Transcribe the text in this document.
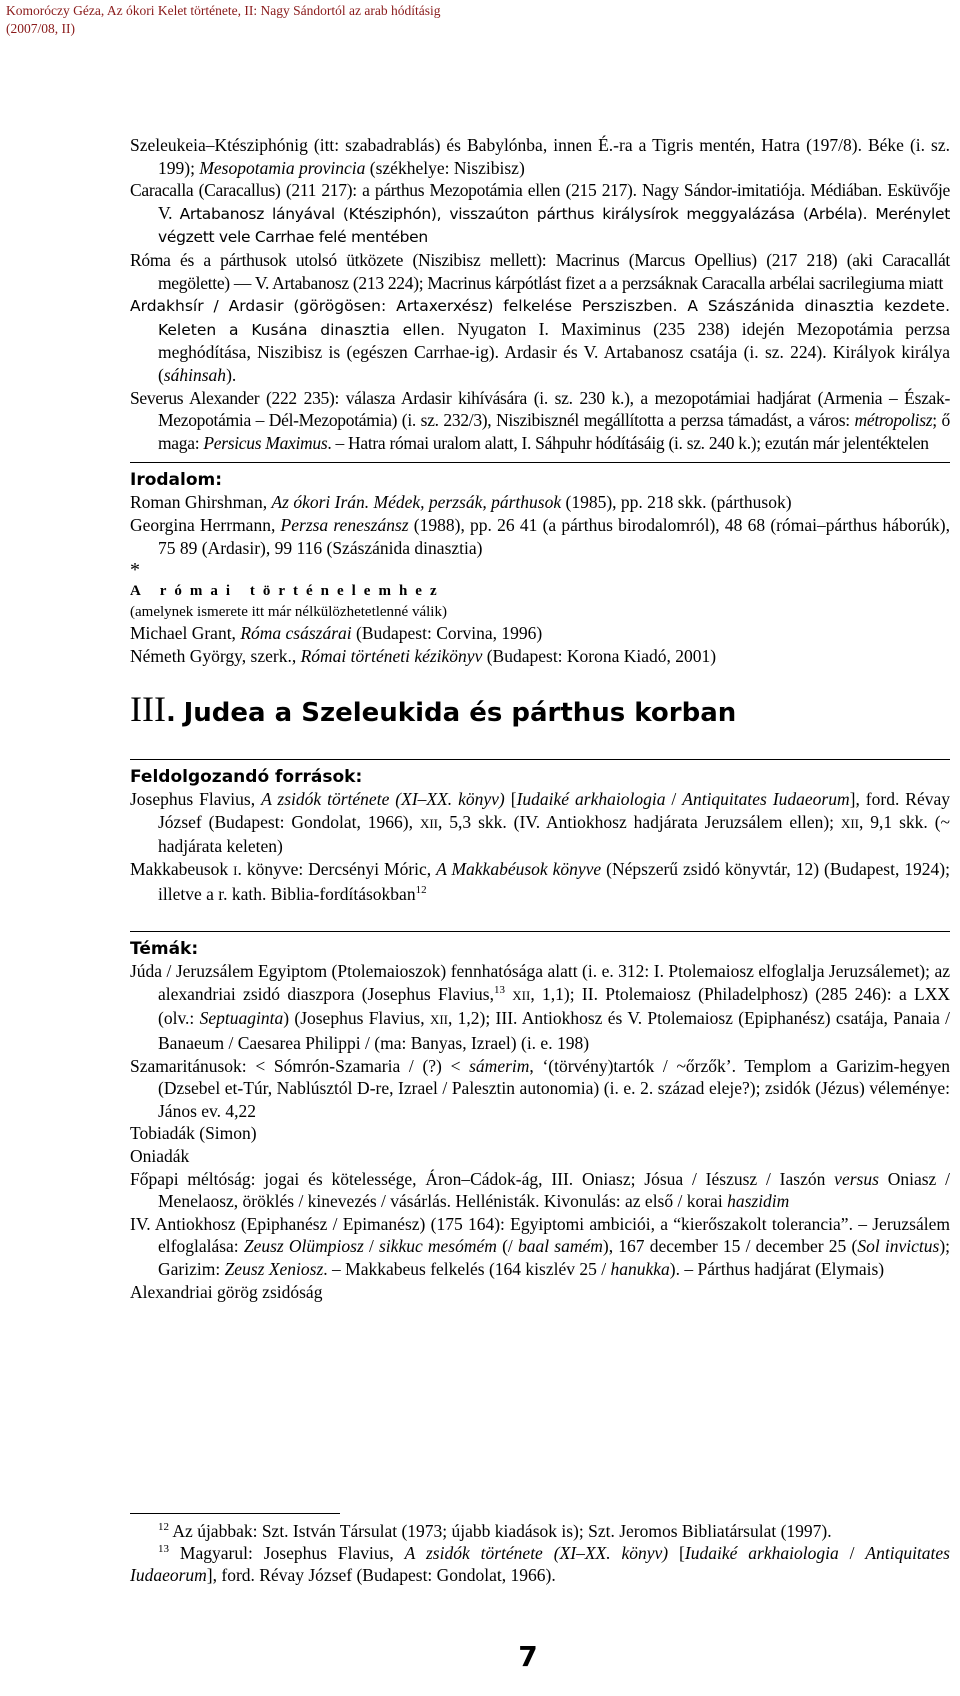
Komoróczy Géza, Az ókori Kelet története, II: Nagy Sándortól az arab hódításig
(2007/08, II)

Szeleukeia–Ktésziphónig (itt: szabadrablás) és Babylónba, innen É.-ra a Tigris mentén, Hatra (197/8). Béke (i. sz. 199); Mesopotamia provincia (székhelye: Niszibisz)

Caracalla (Caracallus) (211 217): a párthus Mezopotámia ellen (215 217). Nagy Sándor-imitatiója. Médiában. Esküvője V. Artabanosz lányával (Ktésziphón), visszaúton párthus királysírok meggyalázása (Arbéla). Merénylet végzett vele Carrhae felé mentében

Róma és a párthusok utolsó ütközete (Niszibisz mellett): Macrinus (Marcus Opellius) (217 218) (aki Caracallát megölette) — V. Artabanosz (213 224); Macrinus kárpótlást fizet a a perzsáknak Caracalla arbélai sacrilegiuma miatt

Ardakhsír / Ardasir (görögösen: Artaxerxész) felkelése Persziszben. A Szászánida dinasztia kezdete. Keleten a Kusána dinasztia ellen. Nyugaton I. Maximinus (235 238) idején Mezopotámia perzsa meghódítása, Niszibisz is (egészen Carrhae-ig). Ardasir és V. Artabanosz csatája (i. sz. 224). Királyok királya (sáhinsah).

Severus Alexander (222 235): válasza Ardasir kihívására (i. sz. 230 k.), a mezopotámiai hadjárat (Armenia – Észak-Mezopotámia – Dél-Mezopotámia) (i. sz. 232/3), Niszibisznél megállította a perzsa támadást, a város: métropolisz; ő maga: Persicus Maximus. – Hatra római uralom alatt, I. Sáhpuhr hódításáig (i. sz. 240 k.); ezután már jelentéktelen

Irodalom:

Roman Ghirshman, Az ókori Irán. Médek, perzsák, párthusok (1985), pp. 218 skk. (párthusok)

Georgina Herrmann, Perzsa reneszánsz (1988), pp. 26 41 (a párthus birodalomról), 48 68 (római–párthus háborúk), 75 89 (Ardasir), 99 116 (Szászánida dinasztia)

*
A római történelemhez
(amelynek ismerete itt már nélkülözhetetlenné válik)

Michael Grant, Róma császárai (Budapest: Corvina, 1996)

Németh György, szerk., Római történeti kézikönyv (Budapest: Korona Kiadó, 2001)

III. Judea a Szeleukida és párthus korban
Feldolgozandó források:

Josephus Flavius, A zsidók története (XI–XX. könyv) [Iudaiké arkhaiologia / Antiquitates Iudaeorum], ford. Révay József (Budapest: Gondolat, 1966), XII, 5,3 skk. (IV. Antiokhosz hadjárata Jeruzsálem ellen); XII, 9,1 skk. (~ hadjárata keleten)

Makkabeusok I. könyve: Dercsényi Móric, A Makkabéusok könyve (Népszerű zsidó könyvtár, 12) (Budapest, 1924); illetve a r. kath. Biblia-fordításokban$^{12}$

Témák:

Júda / Jeruzsálem Egyiptom (Ptolemaioszok) fennhatósága alatt (i. e. 312: I. Ptolemaiosz elfoglalja Jeruzsálemet); az alexandriai zsidó diaszpora (Josephus Flavius,$^{13}$ XII, 1,1); II. Ptolemaiosz (Philadelphosz) (285 246): a LXX (olv.: Septuaginta) (Josephus Flavius, XII, 1,2); III. Antiokhosz és V. Ptolemaiosz (Epiphanész) csatája, Panaia / Banaeum / Caesarea Philippi / (ma: Banyas, Izrael) (i. e. 198)

Szamaritánusok: < Sómrón-Szamaria / (?) < sámerim, ‘(törvény)tartók / ~őrzők’. Templom a Garizim-hegyen (Dzsebel et-Túr, Nablúsztól D-re, Izrael / Palesztin autonomia) (i. e. 2. század eleje?); zsidók (Jézus) véleménye: János ev. 4,22

Tobiadák (Simon)

Oniadák

Főpapi méltóság: jogai és kötelessége, Áron–Cádok-ág, III. Oniasz; Jósua / Iészusz / Iaszón versus Oniasz / Menelaosz, öröklés / kinevezés / vásárlás. Hellénisták. Kivonulás: az első / korai haszidim

IV. Antiokhosz (Epiphanész / Epimanész) (175 164): Egyiptomi ambiciói, a “kierőszakolt tolerancia”. – Jeruzsálem elfoglalása: Zeusz Olümpiosz / sikkuc mesómém (/ baal samém), 167 december 15 / december 25 (Sol invictus); Garizim: Zeusz Xeniosz. – Makkabeus felkelés (164 kiszlév 25 / hanukka). – Párthus hadjárat (Elymais)

Alexandriai görög zsidóság

$^{12}$ Az újabbak: Szt. István Társulat (1973; újabb kiadások is); Szt. Jeromos Bibliatársulat (1997).

$^{13}$ Magyarul: Josephus Flavius, A zsidók története (XI–XX. könyv) [Iudaiké arkhaiologia / Antiquitates Iudaeorum], ford. Révay József (Budapest: Gondolat, 1966).

7
